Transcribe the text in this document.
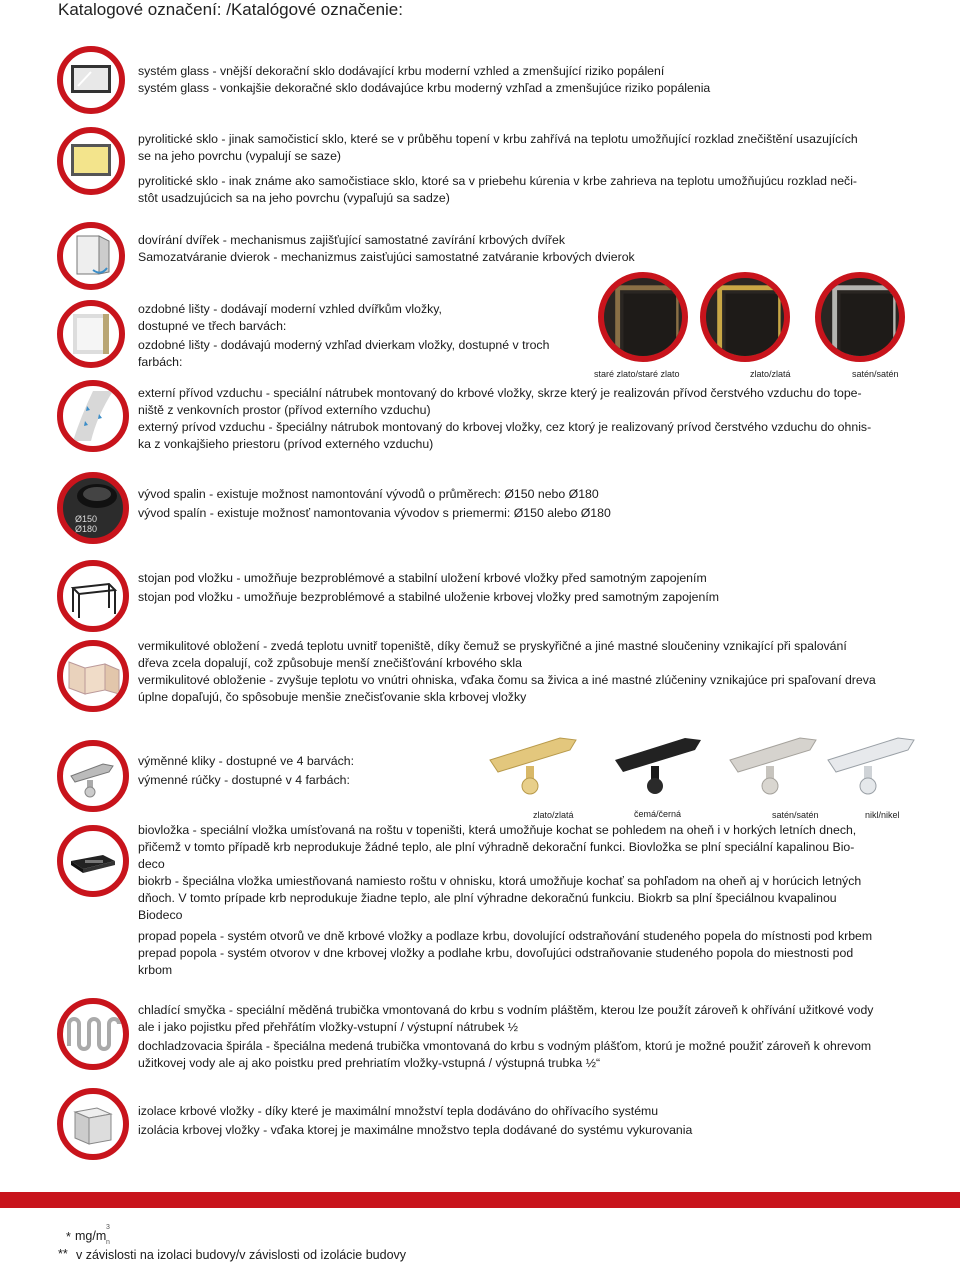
Katalogové označení: /Katalógové označenie:

systém glass - vnější dekorační sklo dodávající krbu moderní vzhled a zmenšující riziko popálení

systém glass - vonkajšie dekoračné sklo dodávajúce krbu moderný vzhľad a zmenšujúce riziko popálenia

pyrolitické sklo - jinak samočisticí sklo, které se v průběhu topení v krbu zahřívá na teplotu umožňující rozklad znečištění usazujících

se na jeho povrchu (vypalují se saze)

pyrolitické sklo - inak známe ako samočistiace sklo, ktoré sa v priebehu kúrenia v krbe zahrieva na teplotu umožňujúcu rozklad neči-

stôt usadzujúcich sa na jeho povrchu (vypaľujú sa sadze)

dovírání dvířek - mechanismus zajišťující samostatné zavírání krbových dvířek

Samozatváranie dvierok - mechanizmus zaisťujúci samostatné zatváranie krbových dvierok

ozdobné lišty - dodávají moderní vzhled dvířkům vložky,

dostupné ve třech barvách:

ozdobné lišty - dodávajú moderný vzhľad dvierkam vložky, dostupné v troch

farbách:

staré zlato/staré zlato	zlato/zlatá	satén/satén

externí přívod vzduchu - speciální nátrubek montovaný do krbové vložky, skrze který je realizován přívod čerstvého vzduchu do tope-

niště z venkovních prostor (přívod externího vzduchu)

externý prívod vzduchu - špeciálny nátrubok montovaný do krbovej vložky, cez ktorý je realizovaný prívod čerstvého vzduchu do ohnis-

ka z vonkajšieho priestoru (prívod externého vzduchu)

Ø150
Ø180

vývod spalin - existuje možnost namontování vývodů o průměrech: Ø150 nebo Ø180

vývod spalín - existuje možnosť namontovania vývodov s priemermi: Ø150 alebo Ø180

stojan pod vložku - umožňuje bezproblémové a stabilní uložení krbové vložky před samotným zapojením

stojan pod vložku - umožňuje bezproblémové a stabilné uloženie krbovej vložky pred samotným zapojením

vermikulitové obložení - zvedá teplotu uvnitř topeniště, díky čemuž se pryskyřičné a jiné mastné sloučeniny vznikající při spalování

dřeva zcela dopalují, což způsobuje menší znečišťování krbového skla

vermikulitové obloženie - zvyšuje teplotu vo vnútri ohniska, vďaka čomu sa živica a iné mastné zlúčeniny vznikajúce pri spaľovaní dreva

úplne dopaľujú, čo spôsobuje menšie znečisťovanie skla krbovej vložky

výměnné kliky - dostupné ve 4 barvách:

výmenné rúčky - dostupné v 4 farbách:

zlato/zlatá	čemá/černá	satén/satén	nikl/nikel

biovložka - speciální vložka umísťovaná na roštu v topeništi, která umožňuje kochat se pohledem na oheň i v horkých letních dnech,

přičemž v tomto případě krb neprodukuje žádné teplo, ale plní výhradně dekorační funkci. Biovložka se plní speciální kapalinou Bio-

deco

biokrb - špeciálna vložka umiestňovaná namiesto roštu v ohnisku, ktorá umožňuje kochať sa pohľadom na oheň aj v horúcich letných

dňoch. V tomto prípade krb neprodukuje žiadne teplo, ale plní výhradne dekoračnú funkciu. Biokrb sa plní špeciálnou kvapalinou

Biodeco

propad popela - systém otvorů ve dně krbové vložky a podlaze krbu, dovolující odstraňování studeného popela do místnosti pod krbem

prepad popola - systém otvorov v dne krbovej vložky a podlahe krbu, dovoľujúci odstraňovanie studeného popola do miestnosti pod

krbom

chladící smyčka - speciální měděná trubička vmontovaná do krbu s vodním pláštěm, kterou lze použít zároveň k ohřívání užitkové vody

ale i jako pojistku před přehřátím vložky-vstupní / výstupní nátrubek ½

dochladzovacia špirála - špeciálna medená trubička vmontovaná do krbu s vodným plášťom, ktorú je možné použiť zároveň k ohrevom

užitkovej vody ale aj ako poistku pred prehriatím vložky-vstupná / výstupná trubka ½“

izolace krbové vložky - díky které je maximální množství tepla dodáváno do ohřívacího systému

izolácia krbovej vložky - vďaka ktorej je maximálne množstvo tepla dodávané do systému vykurovania

* mg/m
3
n
** v závislosti na izolaci budovy/v závislosti od izolácie budovy
